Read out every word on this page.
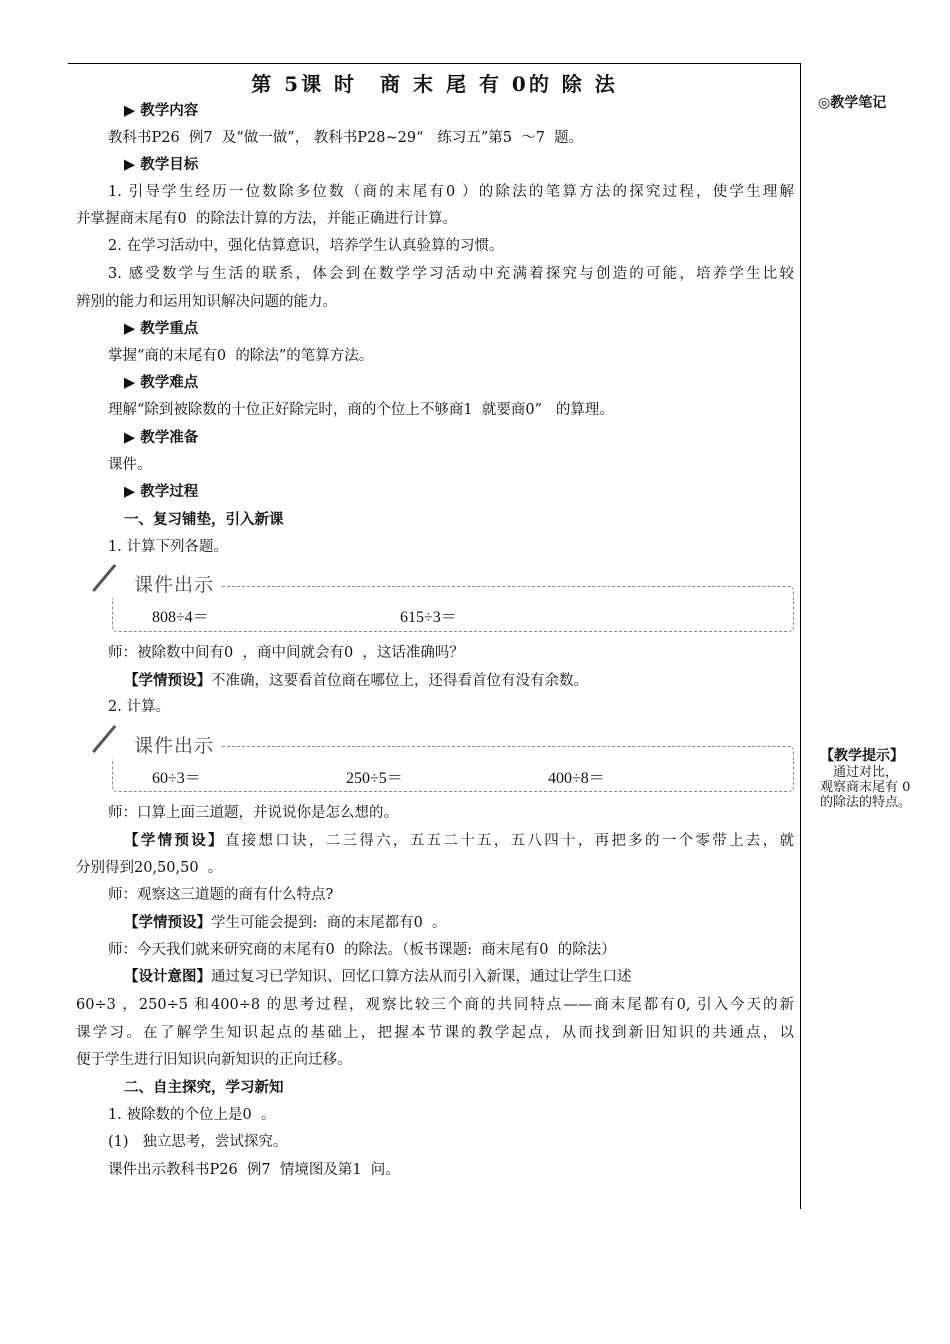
第 5课 时　商 末 尾 有 0的 除 法
◎教学笔记
【教学提示】
　通过对比，
观察商末尾有 0
的除法的特点。
▶ 教学内容
教科书P26  例7  及“做一做”， 教科书P28~29“   练习五”第5  ～7  题。
▶ 教学目标
1. 引导学生经历一位数除多位数（商的末尾有0 ）的除法的笔算方法的探究过程，使学生理解
并掌握商末尾有0  的除法计算的方法，并能正确进行计算。
2. 在学习活动中，强化估算意识，培养学生认真验算的习惯。
3. 感受数学与生活的联系，体会到在数学学习活动中充满着探究与创造的可能，培养学生比较
辨别的能力和运用知识解决问题的能力。
▶ 教学重点
掌握“商的末尾有0  的除法”的笔算方法。
▶ 教学难点
理解“除到被除数的十位正好除完时，商的个位上不够商1  就要商0”   的算理。
▶ 教学准备
课件。
▶ 教学过程
一、复习铺垫，引入新课
1. 计算下列各题。
课件出示
808÷4＝	615÷3＝
师：被除数中间有0  ，商中间就会有0  ，这话准确吗？
【学情预设】不准确，这要看首位商在哪位上，还得看首位有没有余数。
2. 计算。
课件出示
60÷3＝	250÷5＝	400÷8＝
师：口算上面三道题，并说说你是怎么想的。
【学情预设】直接想口诀，二三得六，五五二十五，五八四十，再把多的一个零带上去，就
分别得到20,50,50  。
师：观察这三道题的商有什么特点?
【学情预设】学生可能会提到:  商的末尾都有0  。
师：今天我们就来研究商的末尾有0  的除法。（板书课题:  商末尾有0  的除法）
【设计意图】通过复习已学知识、回忆口算方法从而引入新课，通过让学生口述
60÷3 ，250÷5 和400÷8 的思考过程，观察比较三个商的共同特点——商末尾都有0, 引入今天的新
课学习。在了解学生知识起点的基础上，把握本节课的教学起点，从而找到新旧知识的共通点，以
便于学生进行旧知识向新知识的正向迁移。
二、自主探究，学习新知
1. 被除数的个位上是0  。
(1)   独立思考，尝试探究。
课件出示教科书P26  例7  情境图及第1  问。
